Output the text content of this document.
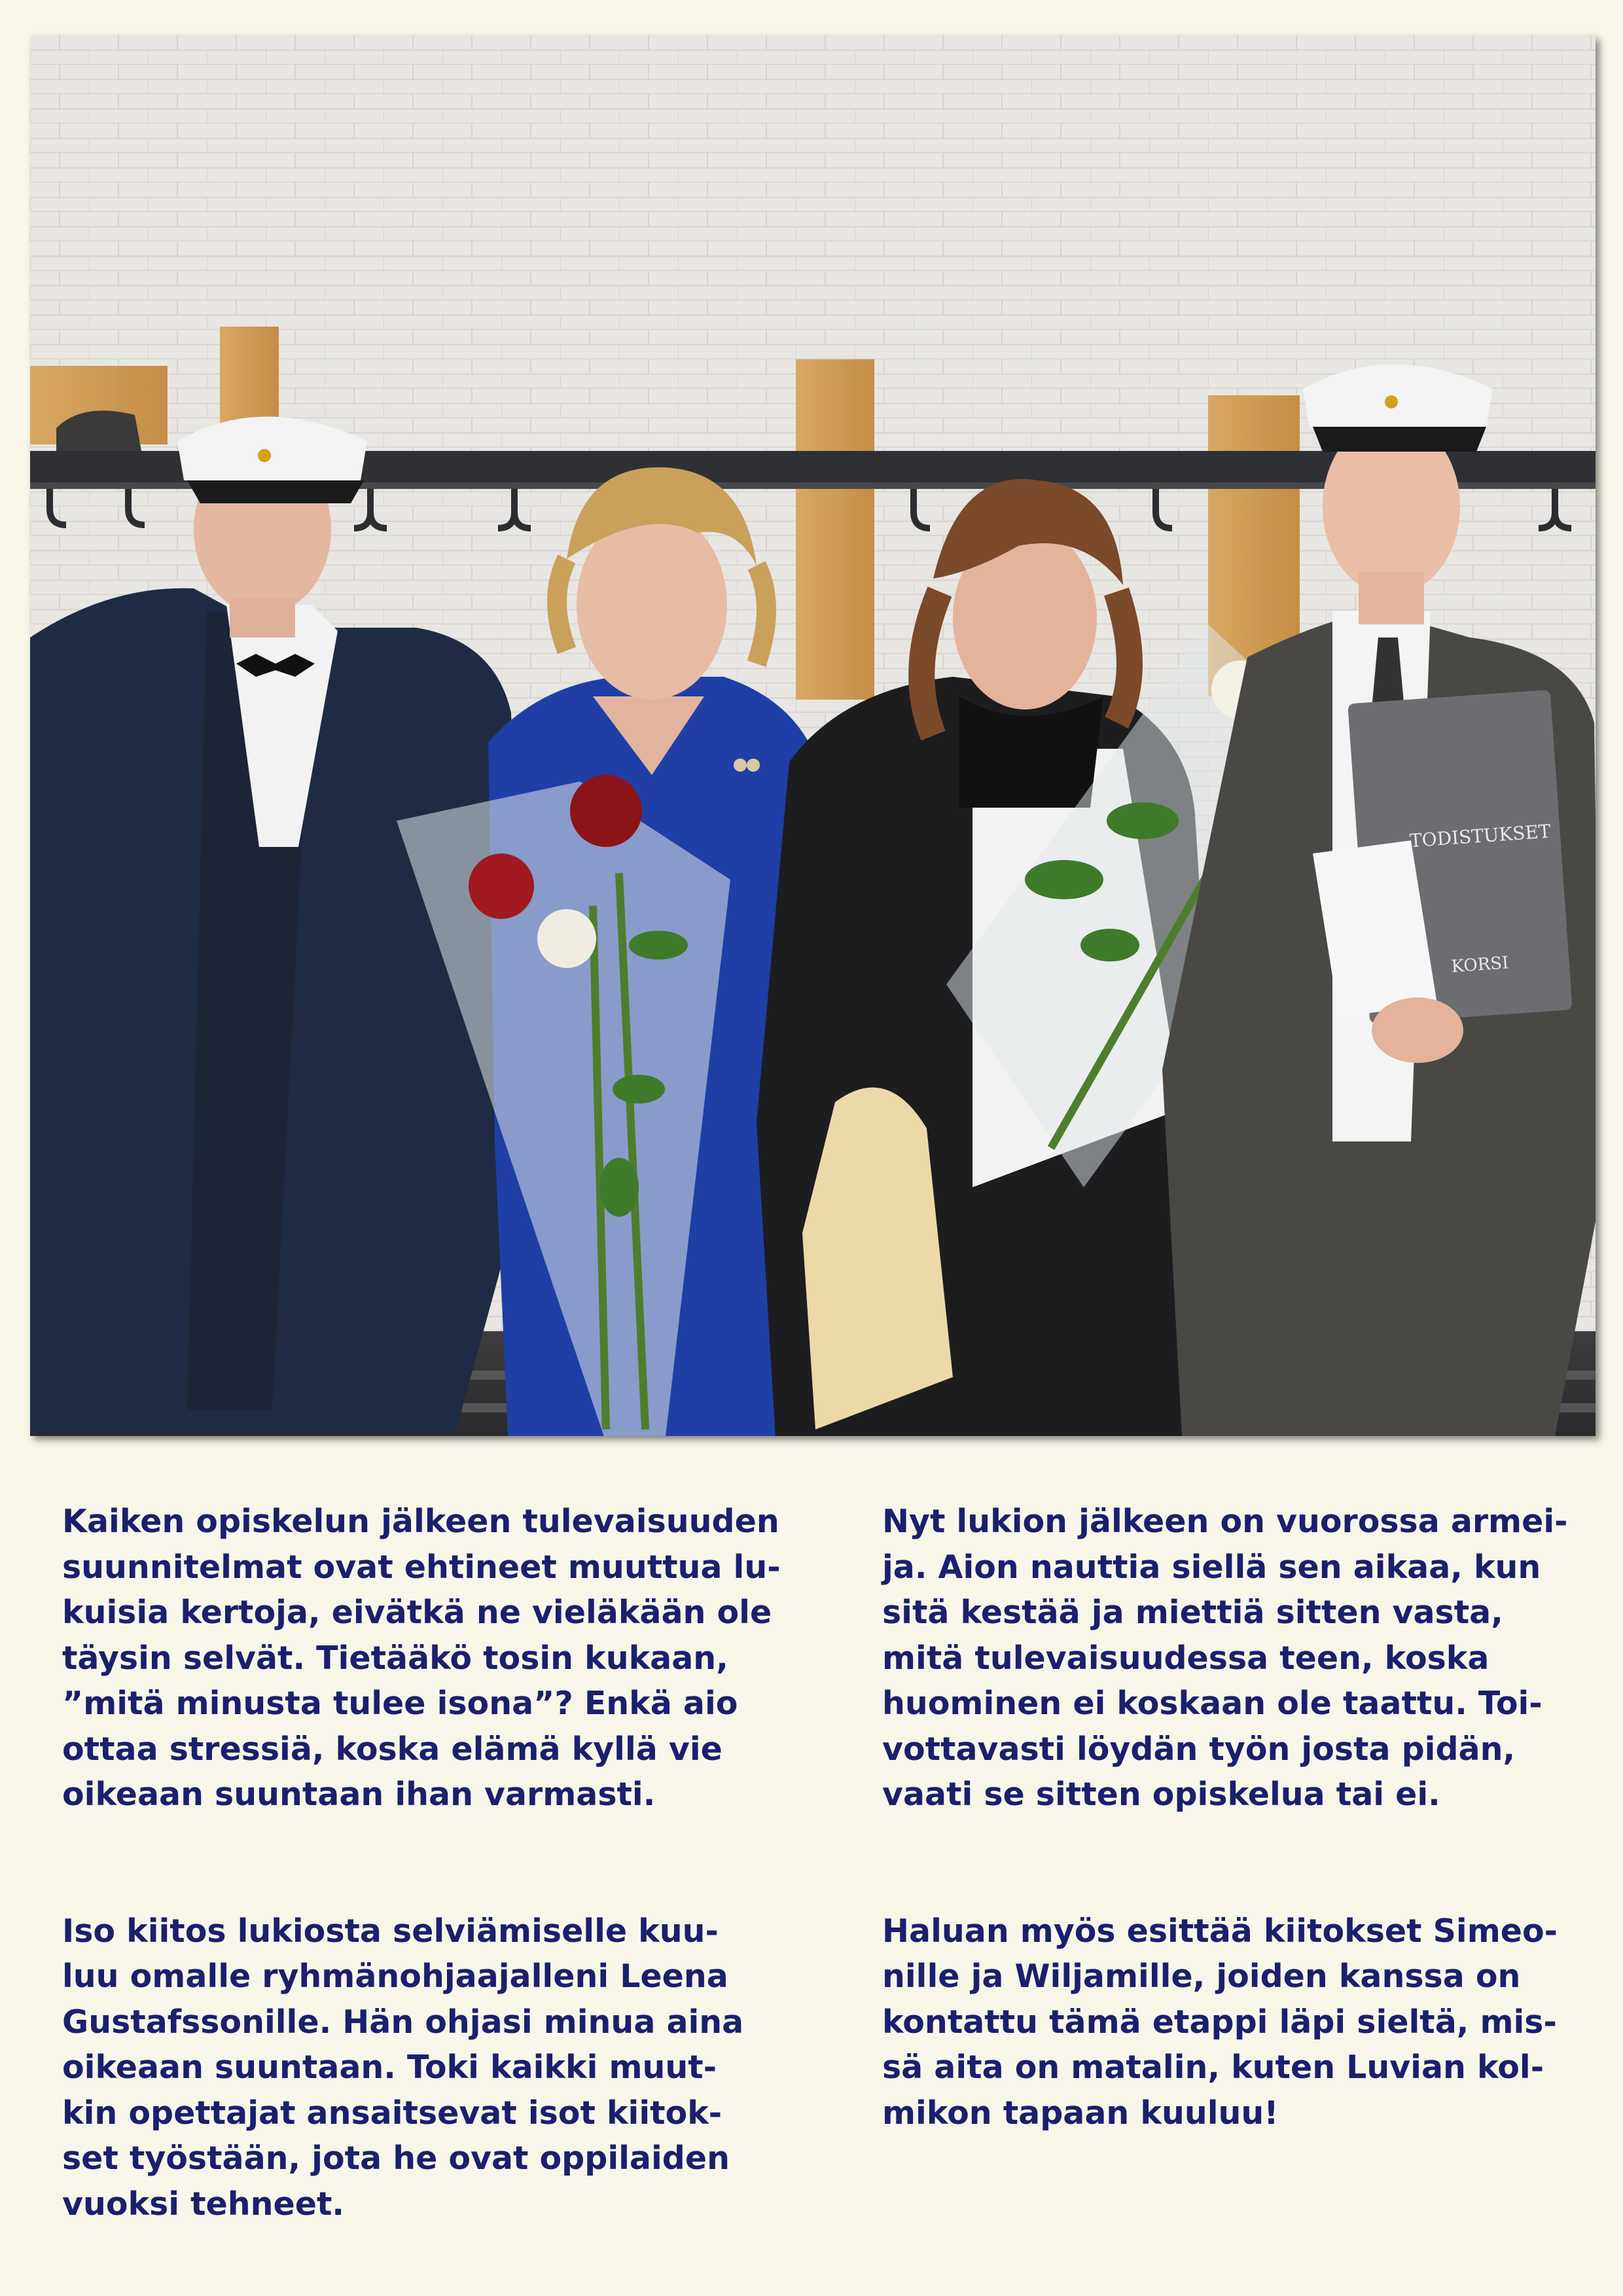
TODISTUKSET
KORSI

Kaiken opiskelun jälkeen tulevaisuuden
suunnitelmat ovat ehtineet muuttua lu-
kuisia kertoja, eivätkä ne vieläkään ole
täysin selvät. Tietääkö tosin kukaan,
”mitä minusta tulee isona”? Enkä aio
ottaa stressiä, koska elämä kyllä vie
oikeaan suuntaan ihan varmasti.

Iso kiitos lukiosta selviämiselle kuu-
luu omalle ryhmänohjaajalleni Leena
Gustafssonille. Hän ohjasi minua aina
oikeaan suuntaan. Toki kaikki muut-
kin opettajat ansaitsevat isot kiitok-
set työstään, jota he ovat oppilaiden
vuoksi tehneet.

Nyt lukion jälkeen on vuorossa armei-
ja. Aion nauttia siellä sen aikaa, kun
sitä kestää ja miettiä sitten vasta,
mitä tulevaisuudessa teen, koska
huominen ei koskaan ole taattu. Toi-
vottavasti löydän työn josta pidän,
vaati se sitten opiskelua tai ei.

Haluan myös esittää kiitokset Simeo-
nille ja Wiljamille, joiden kanssa on
kontattu tämä etappi läpi sieltä, mis-
sä aita on matalin, kuten Luvian kol-
mikon tapaan kuuluu!
